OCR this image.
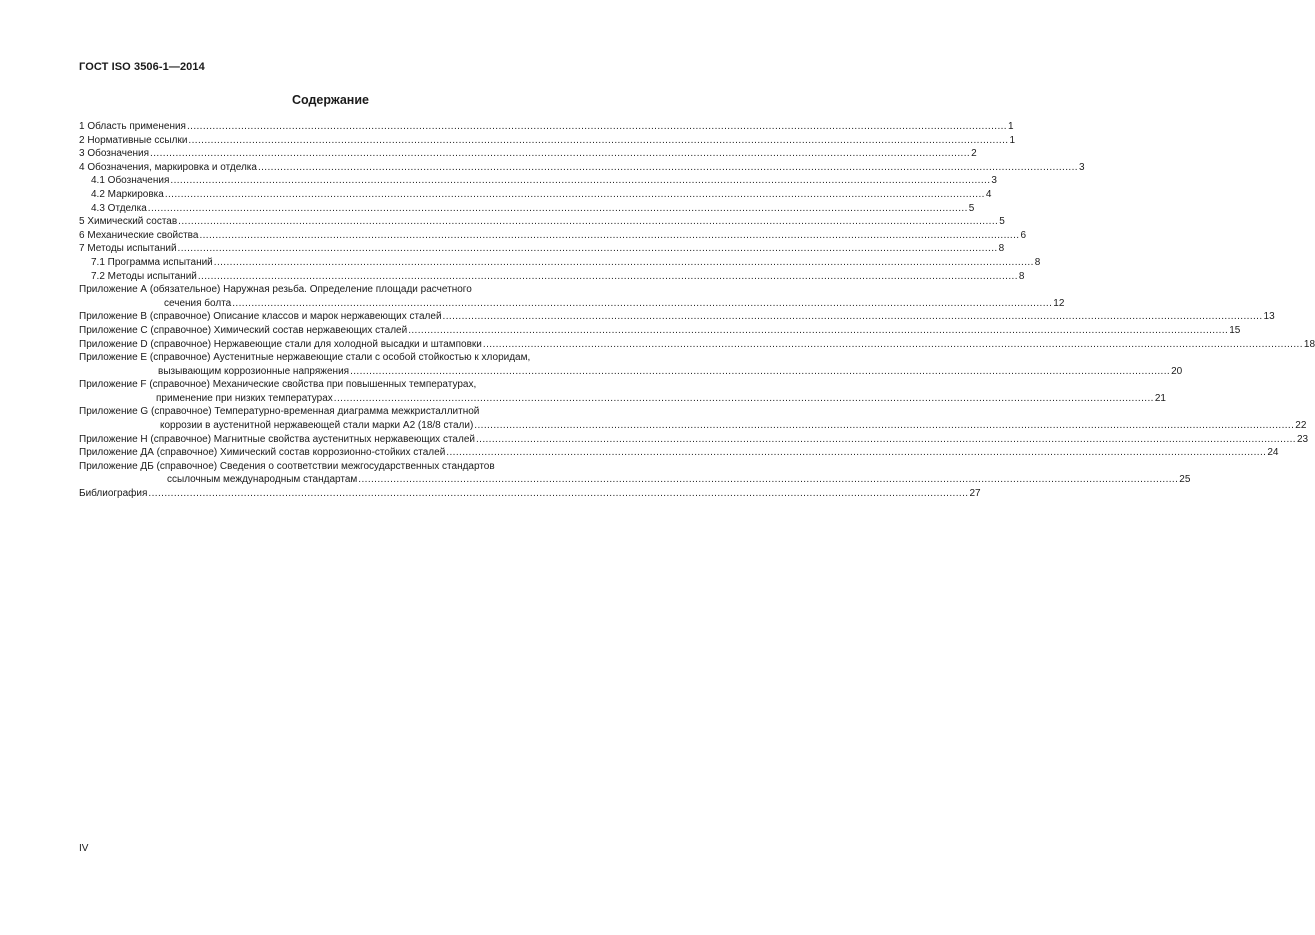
ГОСТ ISO 3506-1—2014
Содержание
1 Область применения .....	1
2 Нормативные ссылки .....	1
3 Обозначения .....	2
4 Обозначения, маркировка и отделка .....	3
4.1 Обозначения .....	3
4.2 Маркировка .....	4
4.3 Отделка .....	5
5 Химический состав .....	5
6 Механические свойства .....	6
7 Методы испытаний .....	8
7.1 Программа испытаний .....	8
7.2 Методы испытаний .....	8
Приложение А (обязательное) Наружная резьба. Определение площади расчетного
сечения болта .....	12
Приложение В (справочное) Описание классов и марок нержавеющих сталей .....	13
Приложение С (справочное) Химический состав нержавеющих сталей .....	15
Приложение D (справочное) Нержавеющие стали для холодной высадки и штамповки .....	18
Приложение Е (справочное) Аустенитные нержавеющие стали с особой стойкостью к хлоридам,
вызывающим коррозионные напряжения .....	20
Приложение F (справочное) Механические свойства при повышенных температурах,
применение при низких температурах .....	21
Приложение G (справочное) Температурно-временная диаграмма межкристаллитной
коррозии в аустенитной нержавеющей стали марки А2 (18/8 стали) .....	22
Приложение Н (справочное) Магнитные свойства аустенитных нержавеющих сталей .....	23
Приложение ДА (справочное) Химический состав коррозионно-стойких сталей .....	24
Приложение ДБ (справочное) Сведения о соответствии межгосударственных стандартов
ссылочным международным стандартам .....	25
Библиография .....	27
IV
